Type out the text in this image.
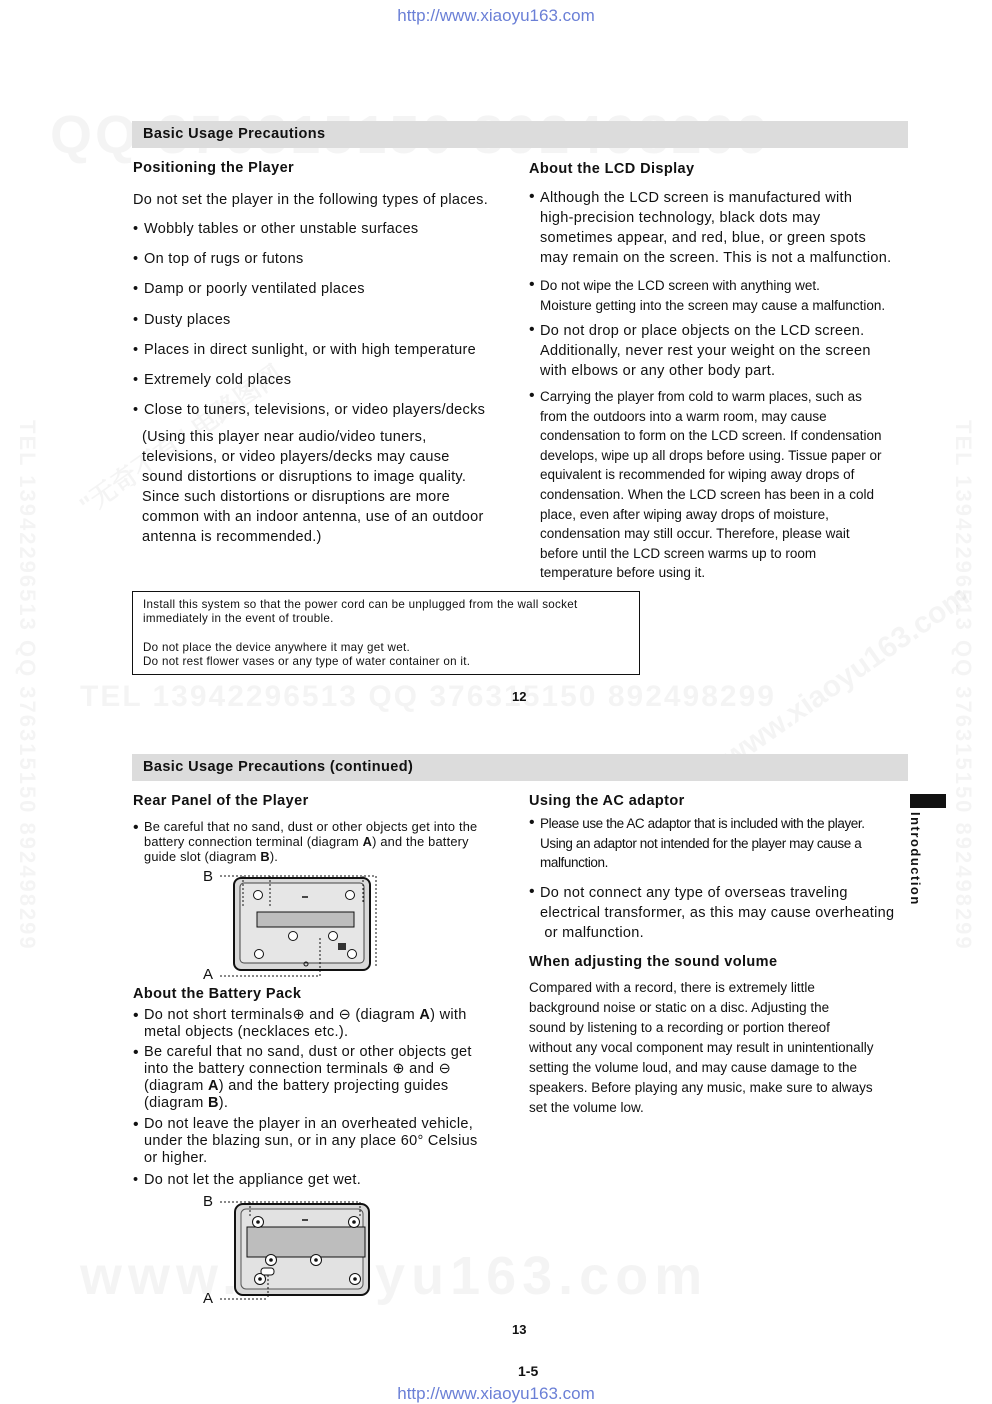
http://www.xiaoyu163.com
Basic Usage Precautions
Positioning the Player
Do not set the player in the following types of places.
• Wobbly tables or other unstable surfaces
• On top of rugs or futons
• Damp or poorly ventilated places
• Dusty places
• Places in direct sunlight, or with high temperature
• Extremely cold places
• Close to tuners, televisions, or video players/decks
(Using this player near audio/video tuners,
televisions, or video players/decks may cause
sound distortions or disruptions to image quality.
Since such distortions or disruptions are more
common with an indoor antenna, use of an outdoor
antenna is recommended.)
About the LCD Display
• Although the LCD screen is manufactured with
high-precision technology, black dots may
sometimes appear, and red, blue, or green spots
may remain on the screen. This is not a malfunction.
• Do not wipe the LCD screen with anything wet.
Moisture getting into the screen may cause a malfunction.
• Do not drop or place objects on the LCD screen.
Additionally, never rest your weight on the screen
with elbows or any other body part.
• Carrying the player from cold to warm places, such as
from the outdoors into a warm room, may cause
condensation to form on the LCD screen. If condensation
develops, wipe up all drops before using. Tissue paper or
equivalent is recommended for wiping away drops of
condensation. When the LCD screen has been in a cold
place, even after wiping away drops of moisture,
condensation may still occur. Therefore, please wait
before until the LCD screen warms up to room
temperature before using it.
Install this system so that the power cord can be unplugged from the wall socket
immediately in the event of trouble.
Do not place the device anywhere it may get wet.
Do not rest flower vases or any type of water container on it.
12
Basic Usage Precautions (continued)
Introduction
Rear Panel of the Player
• Be careful that no sand, dust or other objects get into the
battery connection terminal (diagram A) and the battery
guide slot (diagram B).
B
A
About the Battery Pack
• Do not short terminals⊕ and ⊖ (diagram A) with
metal objects (necklaces etc.).
• Be careful that no sand, dust or other objects get
into the battery connection terminals ⊕ and ⊖
(diagram A) and the battery projecting guides
(diagram B).
• Do not leave the player in an overheated vehicle,
under the blazing sun, or in any place 60° Celsius
or higher.
• Do not let the appliance get wet.
B
A
Using the AC adaptor
• Please use the AC adaptor that is included with the player.
Using an adaptor not intended for the player may cause a
malfunction.
• Do not connect any type of overseas traveling
electrical transformer, as this may cause overheating
or malfunction.
When adjusting the sound volume
Compared with a record, there is extremely little
background noise or static on a disc. Adjusting the
sound by listening to a recording or portion thereof
without any vocal component may result in unintentionally
setting the volume loud, and may cause damage to the
speakers. Before playing any music, make sure to always
set the volume low.
13
1-5
http://www.xiaoyu163.com
